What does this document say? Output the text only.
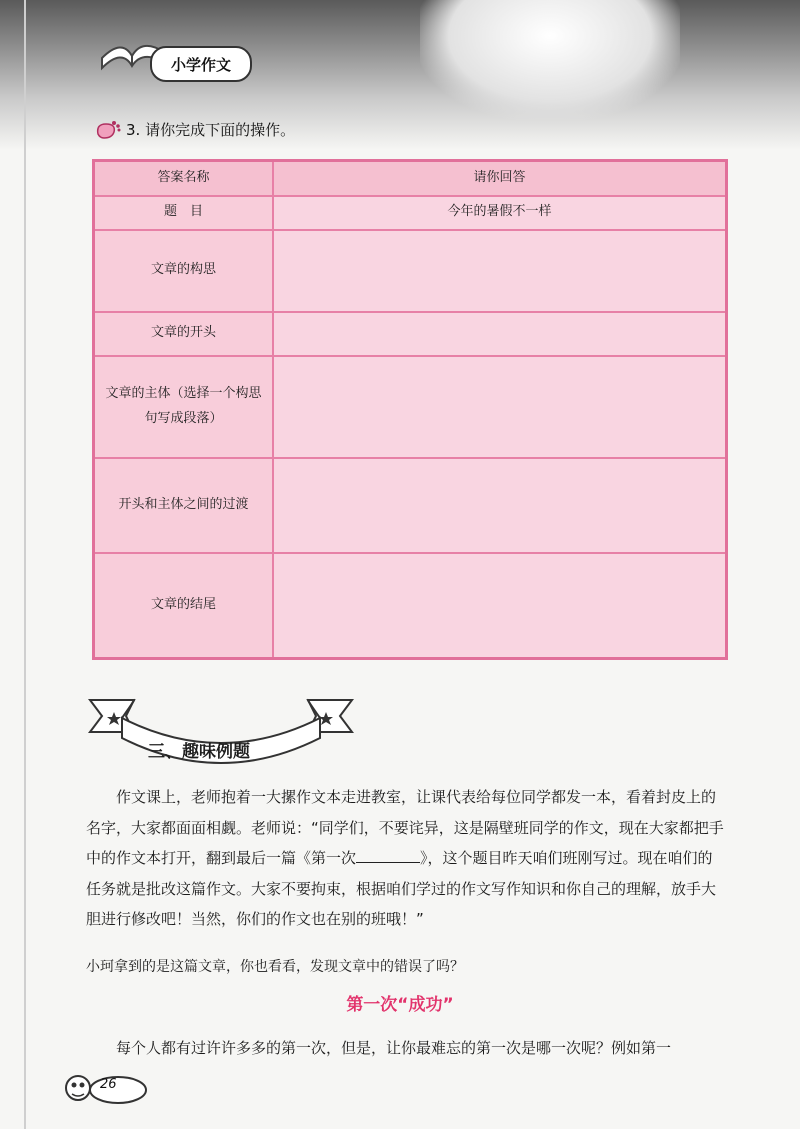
小学作文
3. 请你完成下面的操作。
答案名称	请你回答
题　目	今年的暑假不一样
文章的构思	
文章的开头	
文章的主体（选择一个构思句写成段落）	
开头和主体之间的过渡	
文章的结尾	
三、趣味例题
作文课上，老师抱着一大摞作文本走进教室，让课代表给每位同学都发一本，看着封皮上的名字，大家都面面相觑。老师说：“同学们，不要诧异，这是隔壁班同学的作文，现在大家都把手中的作文本打开，翻到最后一篇《第一次	》，这个题目昨天咱们班刚写过。现在咱们的任务就是批改这篇作文。大家不要拘束，根据咱们学过的作文写作知识和你自己的理解，放手大胆进行修改吧！当然，你们的作文也在别的班哦！”
小珂拿到的是这篇文章，你也看看，发现文章中的错误了吗？
第一次“成功”
每个人都有过许许多多的第一次，但是，让你最难忘的第一次是哪一次呢？例如第一
26
